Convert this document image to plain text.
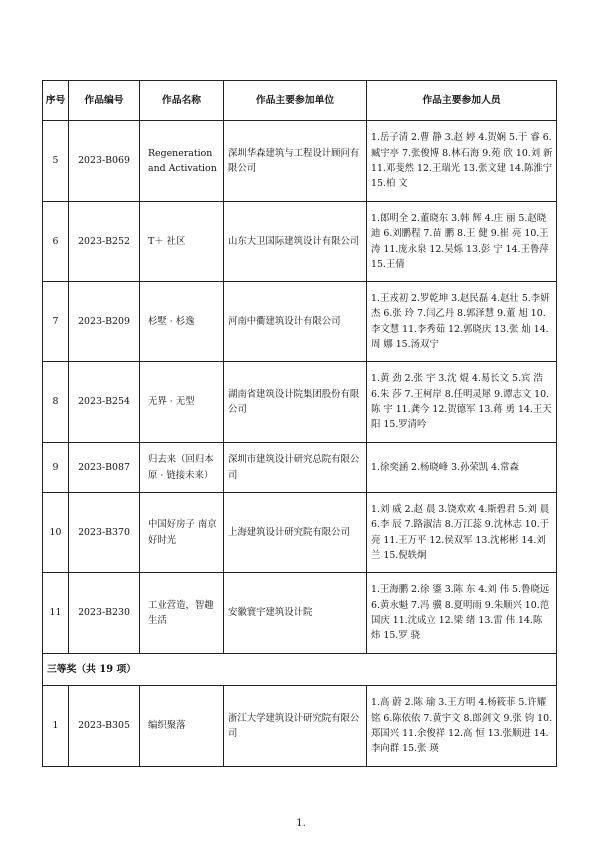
序号	作品编号	作品名称	作品主要参加单位	作品主要参加人员
5	2023-B069	Regeneration and Activation	深圳华森建筑与工程设计顾问有限公司	1.岳子清 2.曹 静 3.赵 婷 4.贺娴 5.于 睿 6.臧宇亭 7.张俊博 8.林石海 9.苑 欣 10.刘 新 11.邓斐然 12.王瑞光 13.张文建 14.陈淮宁 15.柏 文
6	2023-B252	T＋ 社区	山东大卫国际建筑设计有限公司	1.郎明全 2.董晓东 3.韩 辉 4.庄 丽 5.赵晓迪 6.刘鹏程 7.苗 鹏 8.王 健 9.崔 亮 10.王 涛 11.庞永泉 12.吴烁 13.彭 宁 14.王鲁萍 15.王倩
7	2023-B209	杉墅 · 杉逸	河南中衢建筑设计有限公司	1.王戎初 2.罗乾坤 3.赵民磊 4.赵壮 5.李妍杰 6.张 玲 7.闫乙丹 8.郭泽慧 9.董 旭 10.李文慧 11.李秀茹 12.郭晓庆 13.张 灿 14.周 娜 15.汤双宁
8	2023-B254	无界 · 无型	湖南省建筑设计院集团股份有限公司	1.黄 劲 2.张 宇 3.沈 焜 4.易长文 5.宾 浩 6.朱 莎 7.王柯岸 8.任明灵犀 9.谭志文 10.陈 宇 11.龚今 12.贺德军 13.蒋 勇 14.王天阳 15.罗清吟
9	2023-B087	归去来（回归本原 · 链接未来）	深圳市建筑设计研究总院有限公司	1.徐奕涵 2.杨晓峰 3.孙荣凯 4.常森
10	2023-B370	中国好房子 南京好时光	上海建筑设计研究院有限公司	1.刘 威 2.赵 晨 3.饶欢欢 4.斯碧君 5.刘 晨 6.李 辰 7.路淑洁 8.万江蕊 9.沈林志 10.于 亮 11.王万平 12.侯双军 13.沈彬彬 14.刘 兰 15.倪轶炯
11	2023-B230	工业营造，智趣生活	安徽寰宇建筑设计院	1.王海鹏 2.徐 鎏 3.陈 东 4.刘 伟 5.鲁晓远 6.黄永魁 7.冯 骥 8.夏明雨 9.朱顺兴 10.范国庆 11.沈成立 12.梁 绪 13.雷 伟 14.陈 炜 15.罗 骁
三等奖（共 19 项）				
1	2023-B305	编织聚落	浙江大学建筑设计研究院有限公司	1.高 蔚 2.陈 瑜 3.王方明 4.杨筱菲 5.许耀铭 6.陈依依 7.黄宇文 8.郎剑文 9.张 钧 10.郑国兴 11.余俊祥 12.高 恒 13.张顺进 14.李向群 15.张 瑛
1.
